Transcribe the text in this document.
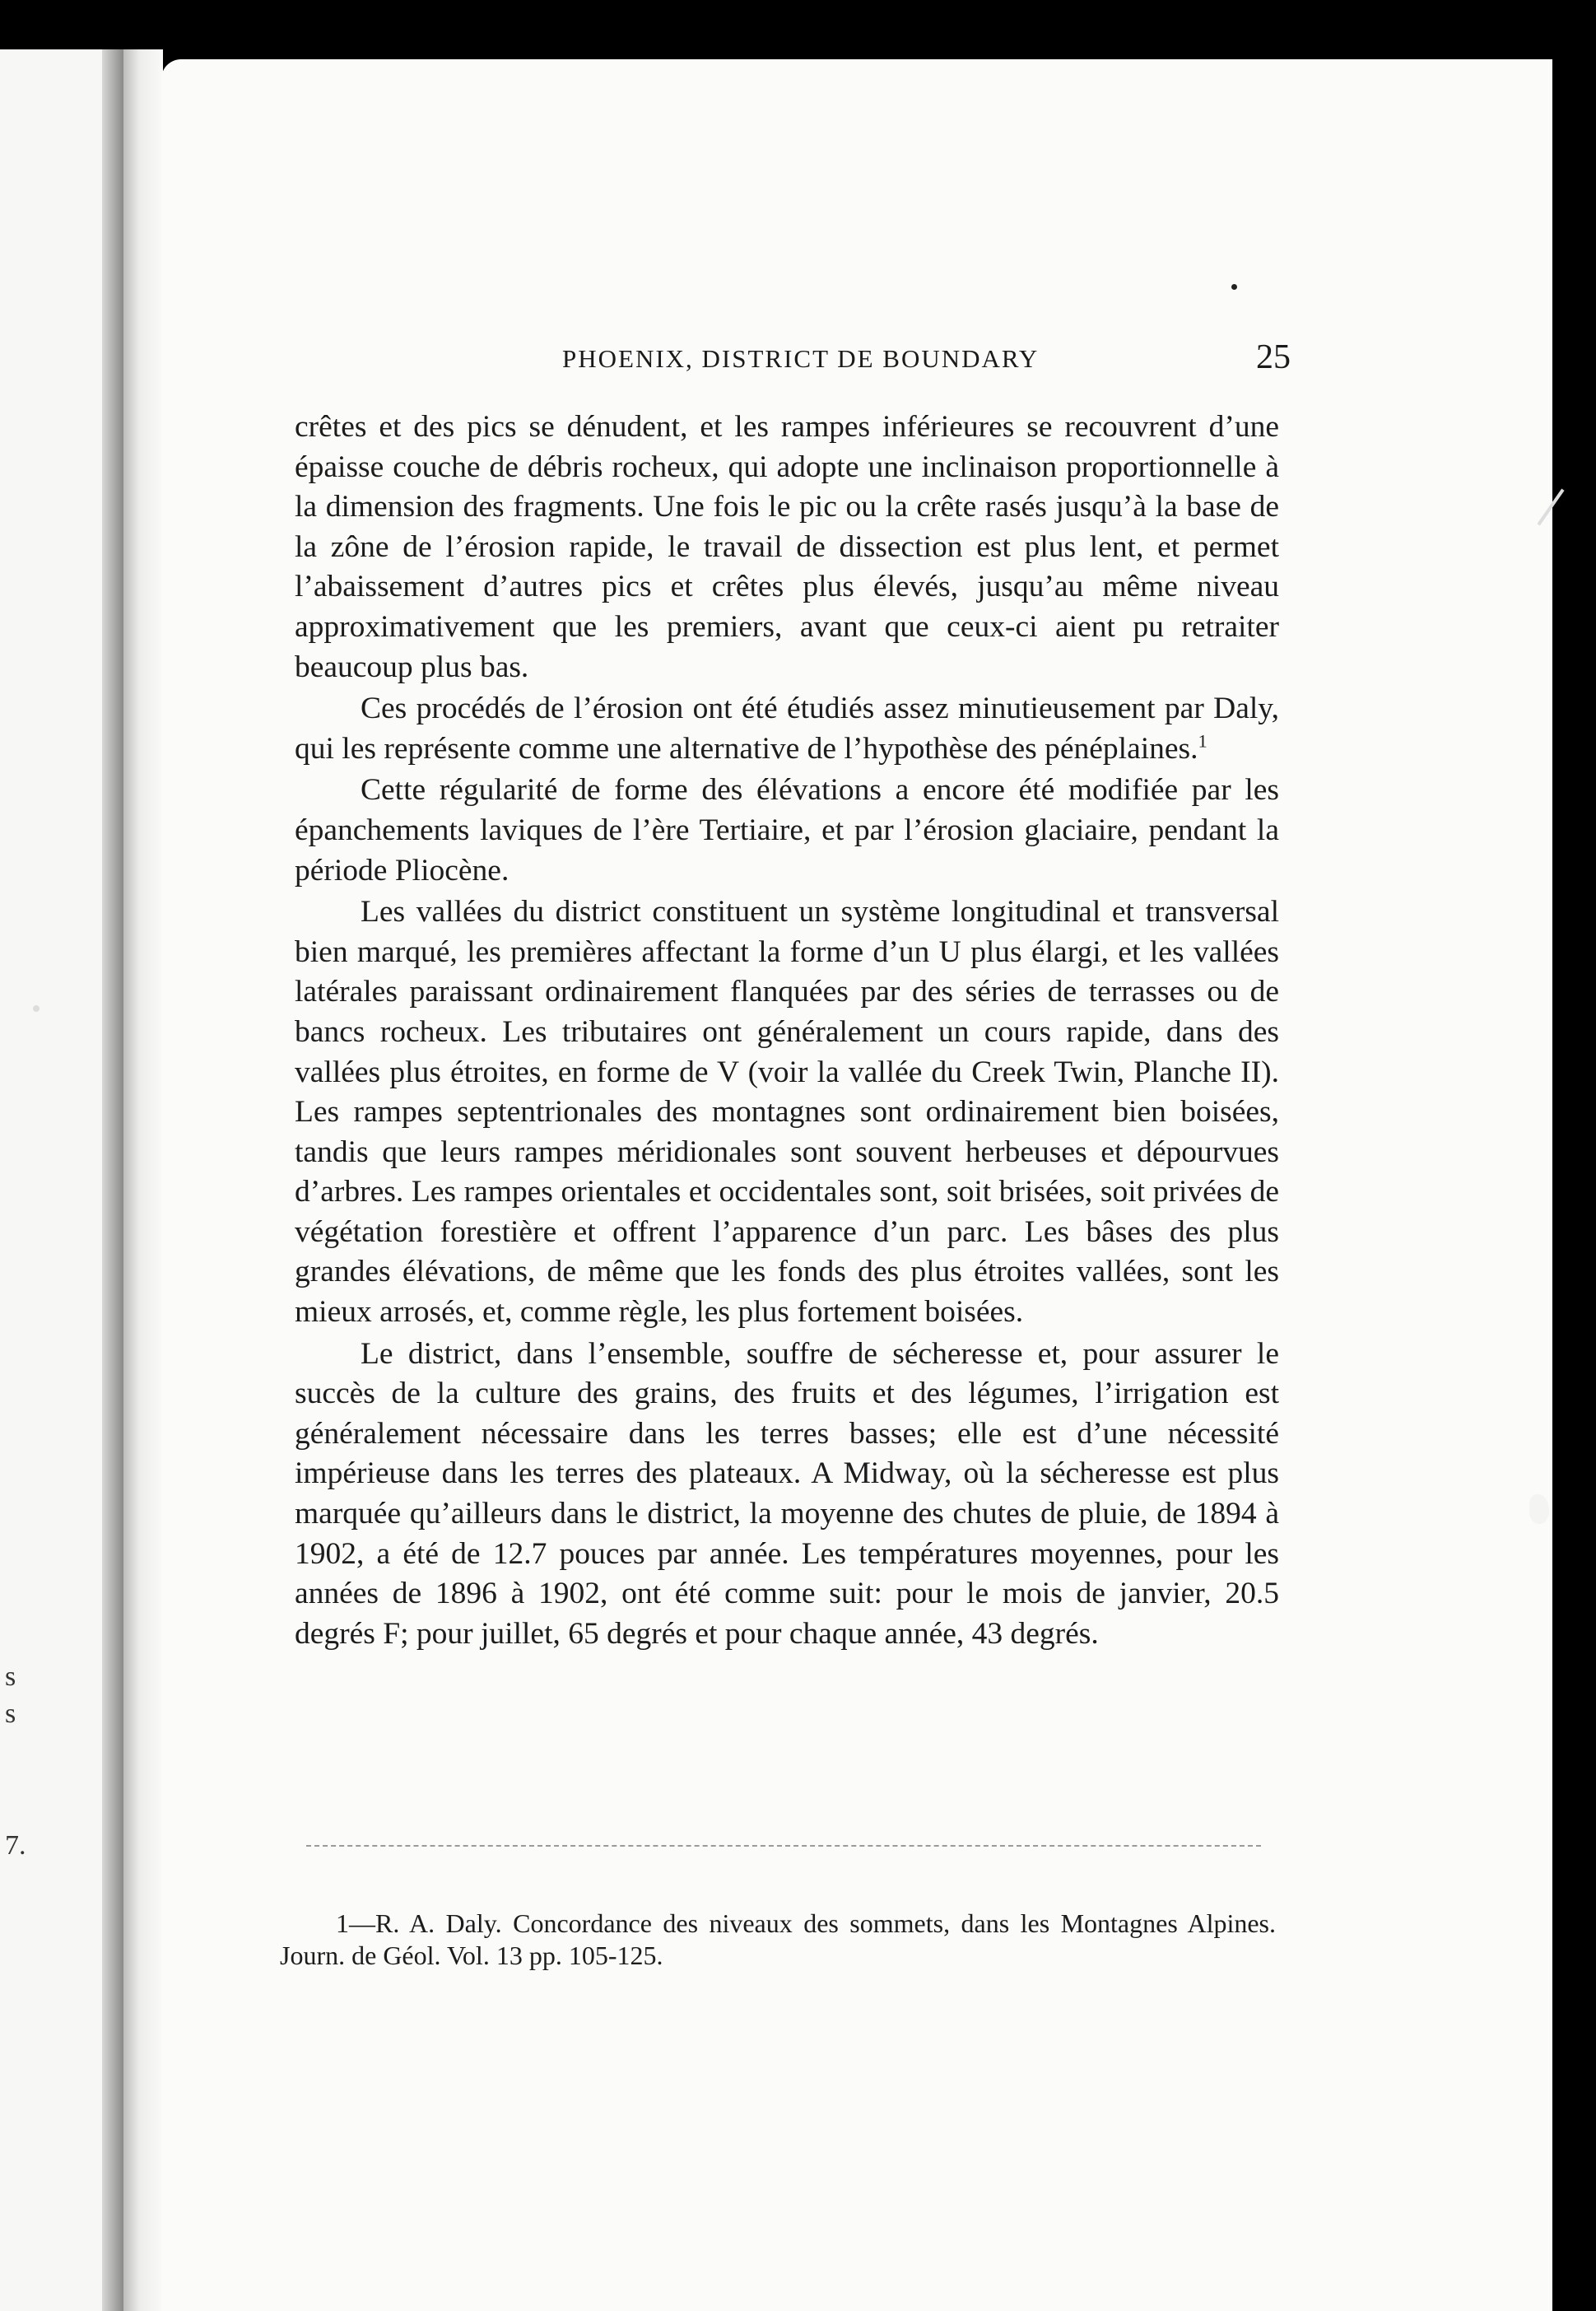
s
s
7.
PHOENIX, DISTRICT DE BOUNDARY	25

crêtes et des pics se dénudent, et les rampes inférieures se recouvrent d’une épaisse couche de débris rocheux, qui adopte une inclinaison proportionnelle à la dimension des fragments. Une fois le pic ou la crête rasés jusqu’à la base de la zône de l’érosion rapide, le travail de dissection est plus lent, et permet l’abaissement d’autres pics et crêtes plus élevés, jusqu’au même niveau approximativement que les premiers, avant que ceux-ci aient pu retraiter beaucoup plus bas.

Ces procédés de l’érosion ont été étudiés assez minutieusement par Daly, qui les représente comme une alternative de l’hypothèse des pénéplaines.$^1$

Cette régularité de forme des élévations a encore été modifiée par les épanchements laviques de l’ère Tertiaire, et par l’érosion glaciaire, pendant la période Pliocène.

Les vallées du district constituent un système longitudinal et transversal bien marqué, les premières affectant la forme d’un U plus élargi, et les vallées latérales paraissant ordinairement flanquées par des séries de terrasses ou de bancs rocheux. Les tributaires ont généralement un cours rapide, dans des vallées plus étroites, en forme de V (voir la vallée du Creek Twin, Planche II). Les rampes septentrionales des montagnes sont ordinairement bien boisées, tandis que leurs rampes méridionales sont souvent herbeuses et dépourvues d’arbres. Les rampes orientales et occidentales sont, soit brisées, soit privées de végétation forestière et offrent l’apparence d’un parc. Les bâses des plus grandes élévations, de même que les fonds des plus étroites vallées, sont les mieux arrosés, et, comme règle, les plus fortement boisées.

Le district, dans l’ensemble, souffre de sécheresse et, pour assurer le succès de la culture des grains, des fruits et des légumes, l’irrigation est généralement nécessaire dans les terres basses; elle est d’une nécessité impérieuse dans les terres des plateaux. A Midway, où la sécheresse est plus marquée qu’ailleurs dans le district, la moyenne des chutes de pluie, de 1894 à 1902, a été de 12.7 pouces par année. Les températures moyennes, pour les années de 1896 à 1902, ont été comme suit: pour le mois de janvier, 20.5 degrés F; pour juillet, 65 degrés et pour chaque année, 43 degrés.

1—R. A. Daly. Concordance des niveaux des sommets, dans les Montagnes Alpines. Journ. de Géol. Vol. 13 pp. 105-125.
